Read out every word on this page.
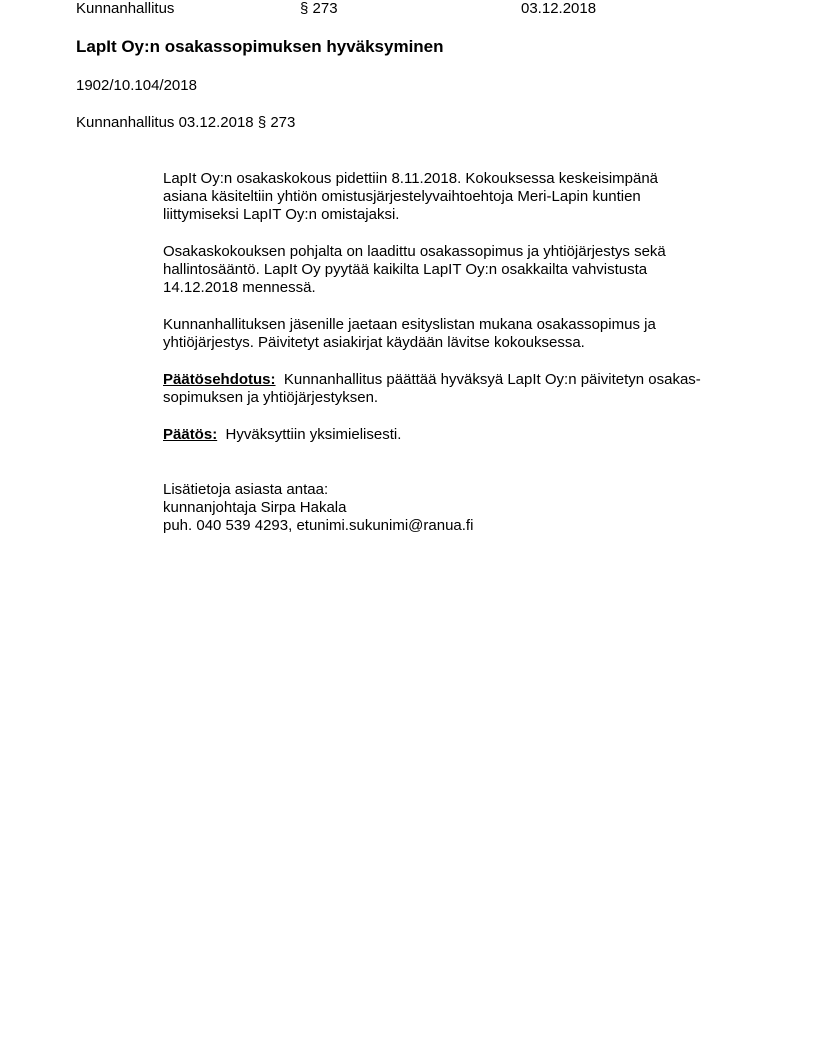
Kunnanhallitus	§ 273	03.12.2018
LapIt Oy:n osakassopimuksen hyväksyminen

1902/10.104/2018

Kunnanhallitus 03.12.2018 § 273

LapIt Oy:n osakaskokous pidettiin 8.11.2018. Kokouksessa keskeisimpänä
asiana käsiteltiin yhtiön omistusjärjestelyvaihtoehtoja Meri-Lapin kuntien
liittymiseksi LapIT Oy:n omistajaksi.

Osakaskokouksen pohjalta on laadittu osakassopimus ja yhtiöjärjestys sekä
hallintosääntö. LapIt Oy pyytää kaikilta LapIT Oy:n osakkailta vahvistusta
14.12.2018 mennessä.

Kunnanhallituksen jäsenille jaetaan esityslistan mukana osakassopimus ja
yhtiöjärjestys. Päivitetyt asiakirjat käydään lävitse kokouksessa.

Päätösehdotus: Kunnanhallitus päättää hyväksyä LapIt Oy:n päivitetyn osakas-
sopimuksen ja yhtiöjärjestyksen.

Päätös: Hyväksyttiin yksimielisesti.

Lisätietoja asiasta antaa:
kunnanjohtaja Sirpa Hakala
puh. 040 539 4293, etunimi.sukunimi@ranua.fi
